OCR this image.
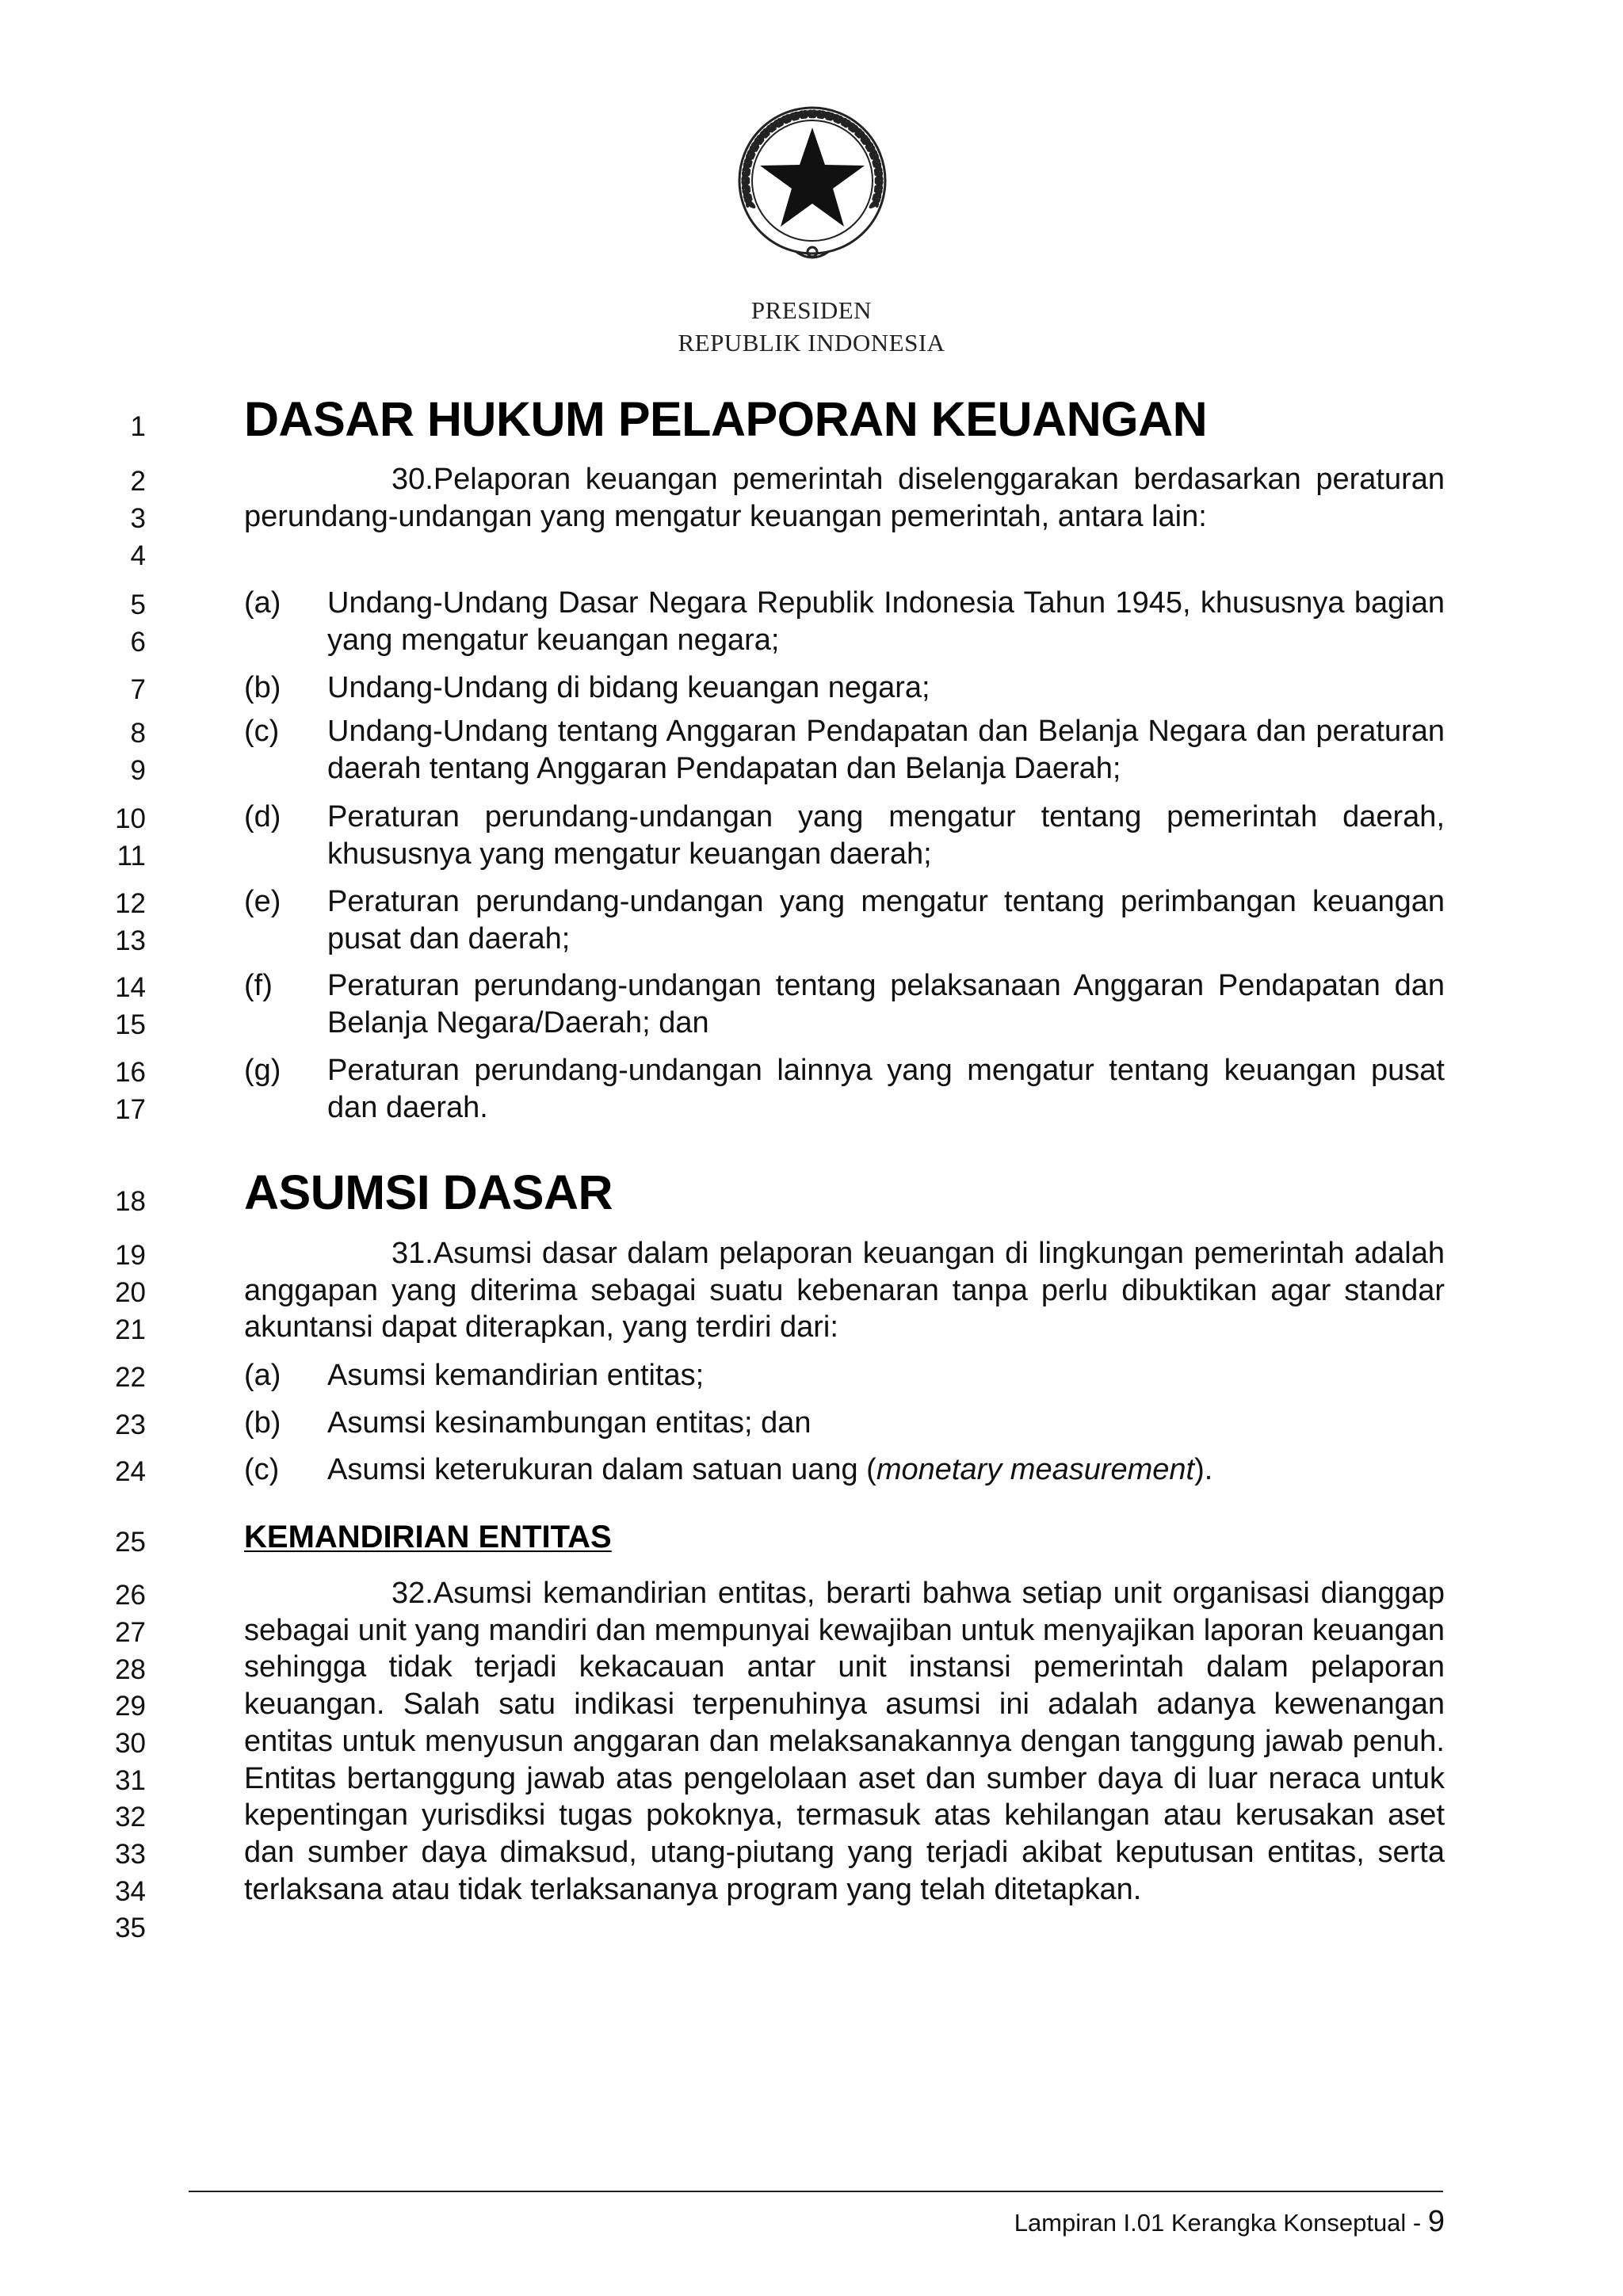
PRESIDEN
REPUBLIK INDONESIA
1
2
3
4
5
6
7
8
9
10
11
12
13
14
15
16
17
18
19
20
21
22
23
24
25
26
27
28
29
30
31
32
33
34
35
DASAR HUKUM PELAPORAN KEUANGAN
30.Pelaporan keuangan pemerintah diselenggarakan berdasarkan peraturan perundang-undangan yang mengatur keuangan pemerintah, antara lain:
(a)	Undang-Undang Dasar Negara Republik Indonesia Tahun 1945, khususnya bagian yang mengatur keuangan negara;
(b)	Undang-Undang di bidang keuangan negara;
(c)	Undang-Undang tentang Anggaran Pendapatan dan Belanja Negara dan peraturan daerah tentang Anggaran Pendapatan dan Belanja Daerah;
(d)	Peraturan perundang-undangan yang mengatur tentang pemerintah daerah, khususnya yang mengatur keuangan daerah;
(e)	Peraturan perundang-undangan yang mengatur tentang perimbangan keuangan pusat dan daerah;
(f)	Peraturan perundang-undangan tentang pelaksanaan Anggaran Pendapatan dan Belanja Negara/Daerah; dan
(g)	Peraturan perundang-undangan lainnya yang mengatur tentang keuangan pusat dan daerah.
ASUMSI DASAR
31.Asumsi dasar dalam pelaporan keuangan di lingkungan pemerintah adalah anggapan yang diterima sebagai suatu kebenaran tanpa perlu dibuktikan agar standar akuntansi dapat diterapkan, yang terdiri dari:
(a)	Asumsi kemandirian entitas;
(b)	Asumsi kesinambungan entitas; dan
(c)	Asumsi keterukuran dalam satuan uang (monetary measurement).
KEMANDIRIAN ENTITAS
32.Asumsi kemandirian entitas, berarti bahwa setiap unit organisasi dianggap sebagai unit yang mandiri dan mempunyai kewajiban untuk menyajikan laporan keuangan sehingga tidak terjadi kekacauan antar unit instansi pemerintah dalam pelaporan keuangan. Salah satu indikasi terpenuhinya asumsi ini adalah adanya kewenangan entitas untuk menyusun anggaran dan melaksanakannya dengan tanggung jawab penuh. Entitas bertanggung jawab atas pengelolaan aset dan sumber daya di luar neraca untuk kepentingan yurisdiksi tugas pokoknya, termasuk atas kehilangan atau kerusakan aset dan sumber daya dimaksud, utang-piutang yang terjadi akibat keputusan entitas, serta terlaksana atau tidak terlaksananya program yang telah ditetapkan.
Lampiran I.01 Kerangka Konseptual - 9
